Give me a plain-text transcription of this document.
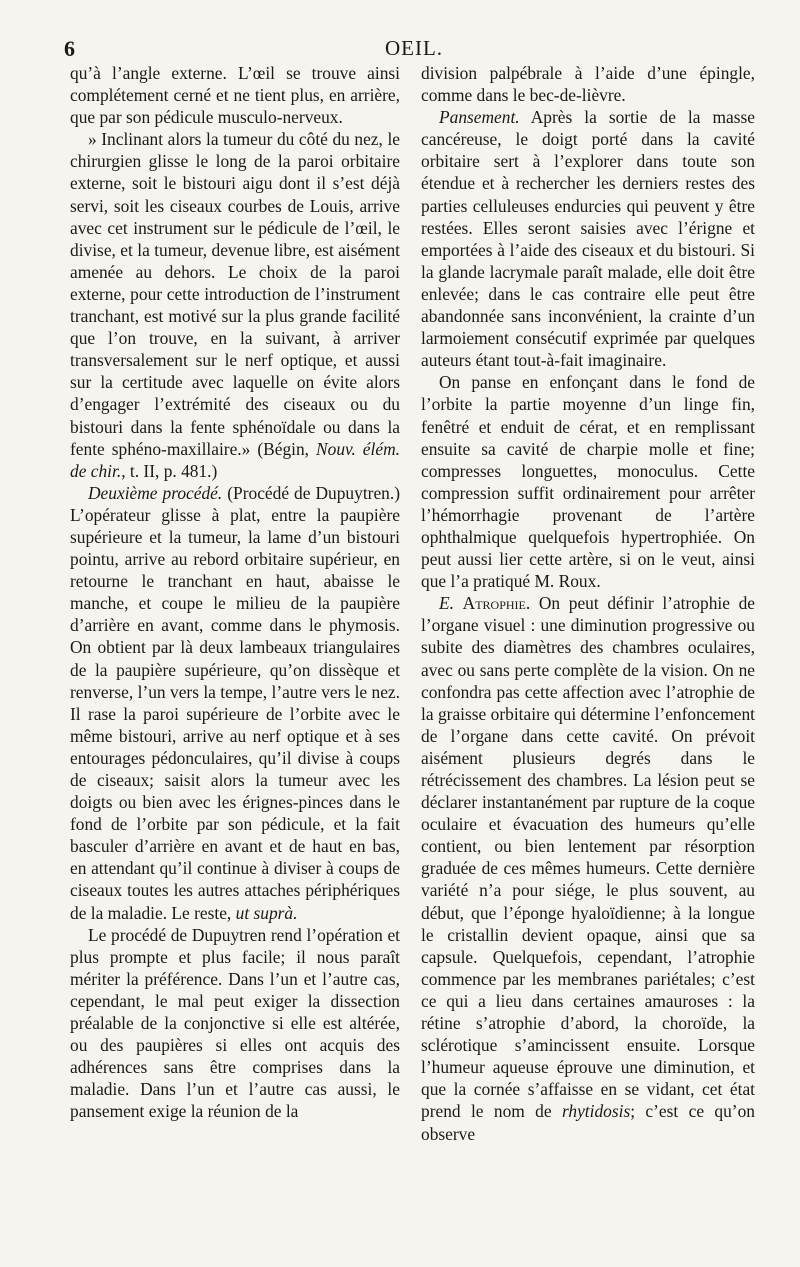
6	OEIL.

qu’à l’angle externe. L’œil se trouve ainsi complétement cerné et ne tient plus, en arrière, que par son pédicule musculo-nerveux.

» Inclinant alors la tumeur du côté du nez, le chirurgien glisse le long de la paroi orbitaire externe, soit le bistouri aigu dont il s’est déjà servi, soit les ciseaux courbes de Louis, arrive avec cet instrument sur le pédicule de l’œil, le divise, et la tumeur, devenue libre, est aisément amenée au dehors. Le choix de la paroi externe, pour cette introduction de l’instrument tranchant, est motivé sur la plus grande facilité que l’on trouve, en la suivant, à arriver transversalement sur le nerf optique, et aussi sur la certitude avec laquelle on évite alors d’engager l’extrémité des ciseaux ou du bistouri dans la fente sphénoïdale ou dans la fente sphéno-maxillaire.» (Bégin, Nouv. élém. de chir., t. II, p. 481.)

Deuxième procédé. (Procédé de Dupuytren.) L’opérateur glisse à plat, entre la paupière supérieure et la tumeur, la lame d’un bistouri pointu, arrive au rebord orbitaire supérieur, en retourne le tranchant en haut, abaisse le manche, et coupe le milieu de la paupière d’arrière en avant, comme dans le phymosis. On obtient par là deux lambeaux triangulaires de la paupière supérieure, qu’on dissèque et renverse, l’un vers la tempe, l’autre vers le nez. Il rase la paroi supérieure de l’orbite avec le même bistouri, arrive au nerf optique et à ses entourages pédonculaires, qu’il divise à coups de ciseaux; saisit alors la tumeur avec les doigts ou bien avec les érignes-pinces dans le fond de l’orbite par son pédicule, et la fait basculer d’arrière en avant et de haut en bas, en attendant qu’il continue à diviser à coups de ciseaux toutes les autres attaches périphériques de la maladie. Le reste, ut suprà.

Le procédé de Dupuytren rend l’opération et plus prompte et plus facile; il nous paraît mériter la préférence. Dans l’un et l’autre cas, cependant, le mal peut exiger la dissection préalable de la conjonctive si elle est altérée, ou des paupières si elles ont acquis des adhérences sans être comprises dans la maladie. Dans l’un et l’autre cas aussi, le pansement exige la réunion de la

division palpébrale à l’aide d’une épingle, comme dans le bec-de-lièvre.

Pansement. Après la sortie de la masse cancéreuse, le doigt porté dans la cavité orbitaire sert à l’explorer dans toute son étendue et à rechercher les derniers restes des parties celluleuses endurcies qui peuvent y être restées. Elles seront saisies avec l’érigne et emportées à l’aide des ciseaux et du bistouri. Si la glande lacrymale paraît malade, elle doit être enlevée; dans le cas contraire elle peut être abandonnée sans inconvénient, la crainte d’un larmoiement consécutif exprimée par quelques auteurs étant tout-à-fait imaginaire.

On panse en enfonçant dans le fond de l’orbite la partie moyenne d’un linge fin, fenêtré et enduit de cérat, et en remplissant ensuite sa cavité de charpie molle et fine; compresses longuettes, monoculus. Cette compression suffit ordinairement pour arrêter l’hémorrhagie provenant de l’artère ophthalmique quelquefois hypertrophiée. On peut aussi lier cette artère, si on le veut, ainsi que l’a pratiqué M. Roux.

E. Atrophie. On peut définir l’atrophie de l’organe visuel : une diminution progressive ou subite des diamètres des chambres oculaires, avec ou sans perte complète de la vision. On ne confondra pas cette affection avec l’atrophie de la graisse orbitaire qui détermine l’enfoncement de l’organe dans cette cavité. On prévoit aisément plusieurs degrés dans le rétrécissement des chambres. La lésion peut se déclarer instantanément par rupture de la coque oculaire et évacuation des humeurs qu’elle contient, ou bien lentement par résorption graduée de ces mêmes humeurs. Cette dernière variété n’a pour siége, le plus souvent, au début, que l’éponge hyaloïdienne; à la longue le cristallin devient opaque, ainsi que sa capsule. Quelquefois, cependant, l’atrophie commence par les membranes pariétales; c’est ce qui a lieu dans certaines amauroses : la rétine s’atrophie d’abord, la choroïde, la sclérotique s’amincissent ensuite. Lorsque l’humeur aqueuse éprouve une diminution, et que la cornée s’affaisse en se vidant, cet état prend le nom de rhytidosis; c’est ce qu’on observe
